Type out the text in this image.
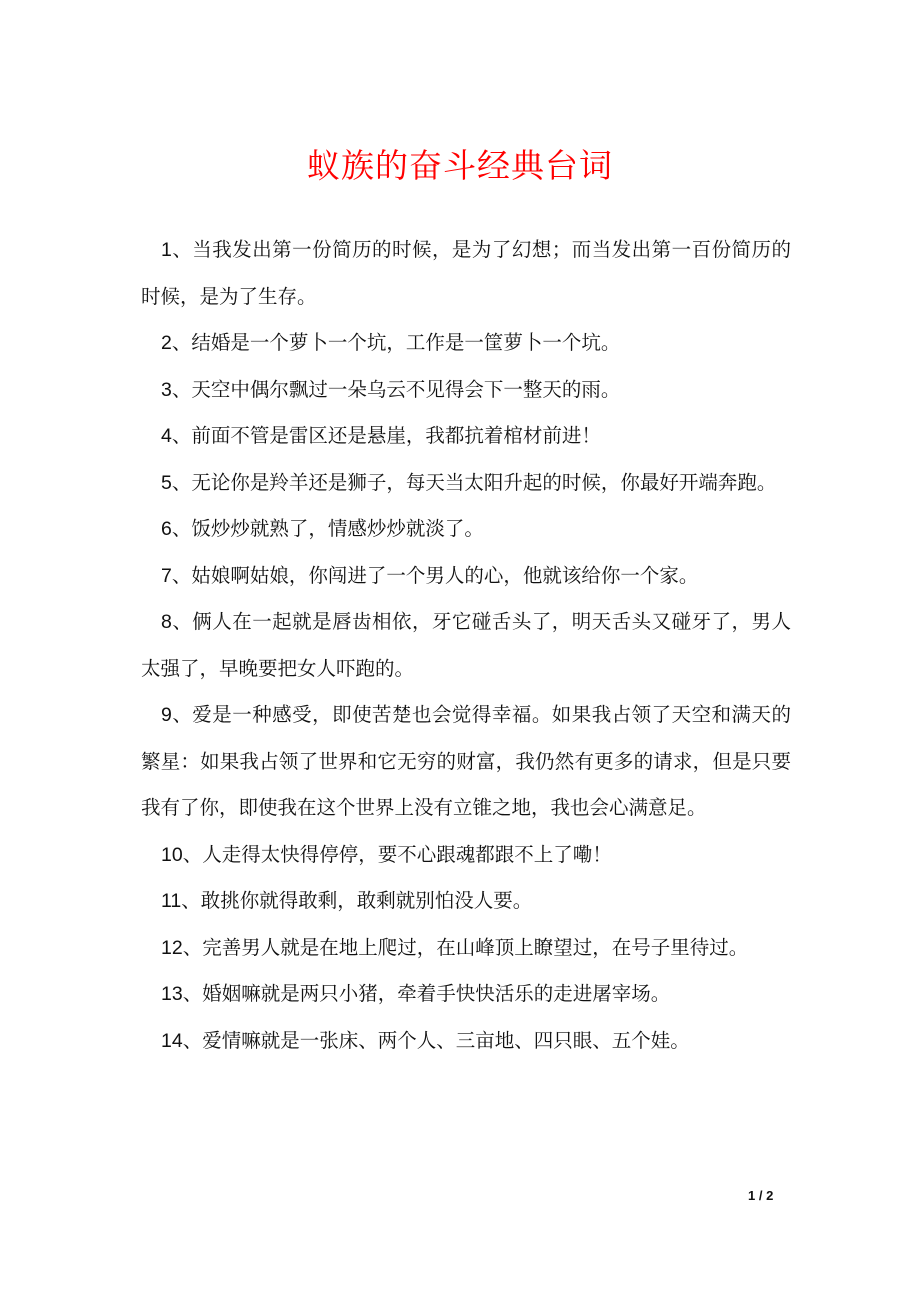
蚁族的奋斗经典台词

1、当我发出第一份简历的时候，是为了幻想；而当发出第一百份简历的时候，是为了生存。

2、结婚是一个萝卜一个坑，工作是一筐萝卜一个坑。

3、天空中偶尔飘过一朵乌云不见得会下一整天的雨。

4、前面不管是雷区还是悬崖，我都抗着棺材前进！

5、无论你是羚羊还是狮子，每天当太阳升起的时候，你最好开端奔跑。

6、饭炒炒就熟了，情感炒炒就淡了。

7、姑娘啊姑娘，你闯进了一个男人的心，他就该给你一个家。

8、俩人在一起就是唇齿相依，牙它碰舌头了，明天舌头又碰牙了，男人太强了，早晚要把女人吓跑的。

9、爱是一种感受，即使苦楚也会觉得幸福。如果我占领了天空和满天的繁星：如果我占领了世界和它无穷的财富，我仍然有更多的请求，但是只要我有了你，即使我在这个世界上没有立锥之地，我也会心满意足。

10、人走得太快得停停，要不心跟魂都跟不上了嘞！

11、敢挑你就得敢剩，敢剩就别怕没人要。

12、完善男人就是在地上爬过，在山峰顶上瞭望过，在号子里待过。

13、婚姻嘛就是两只小猪，牵着手快快活乐的走进屠宰场。

14、爱情嘛就是一张床、两个人、三亩地、四只眼、五个娃。

1 / 2
